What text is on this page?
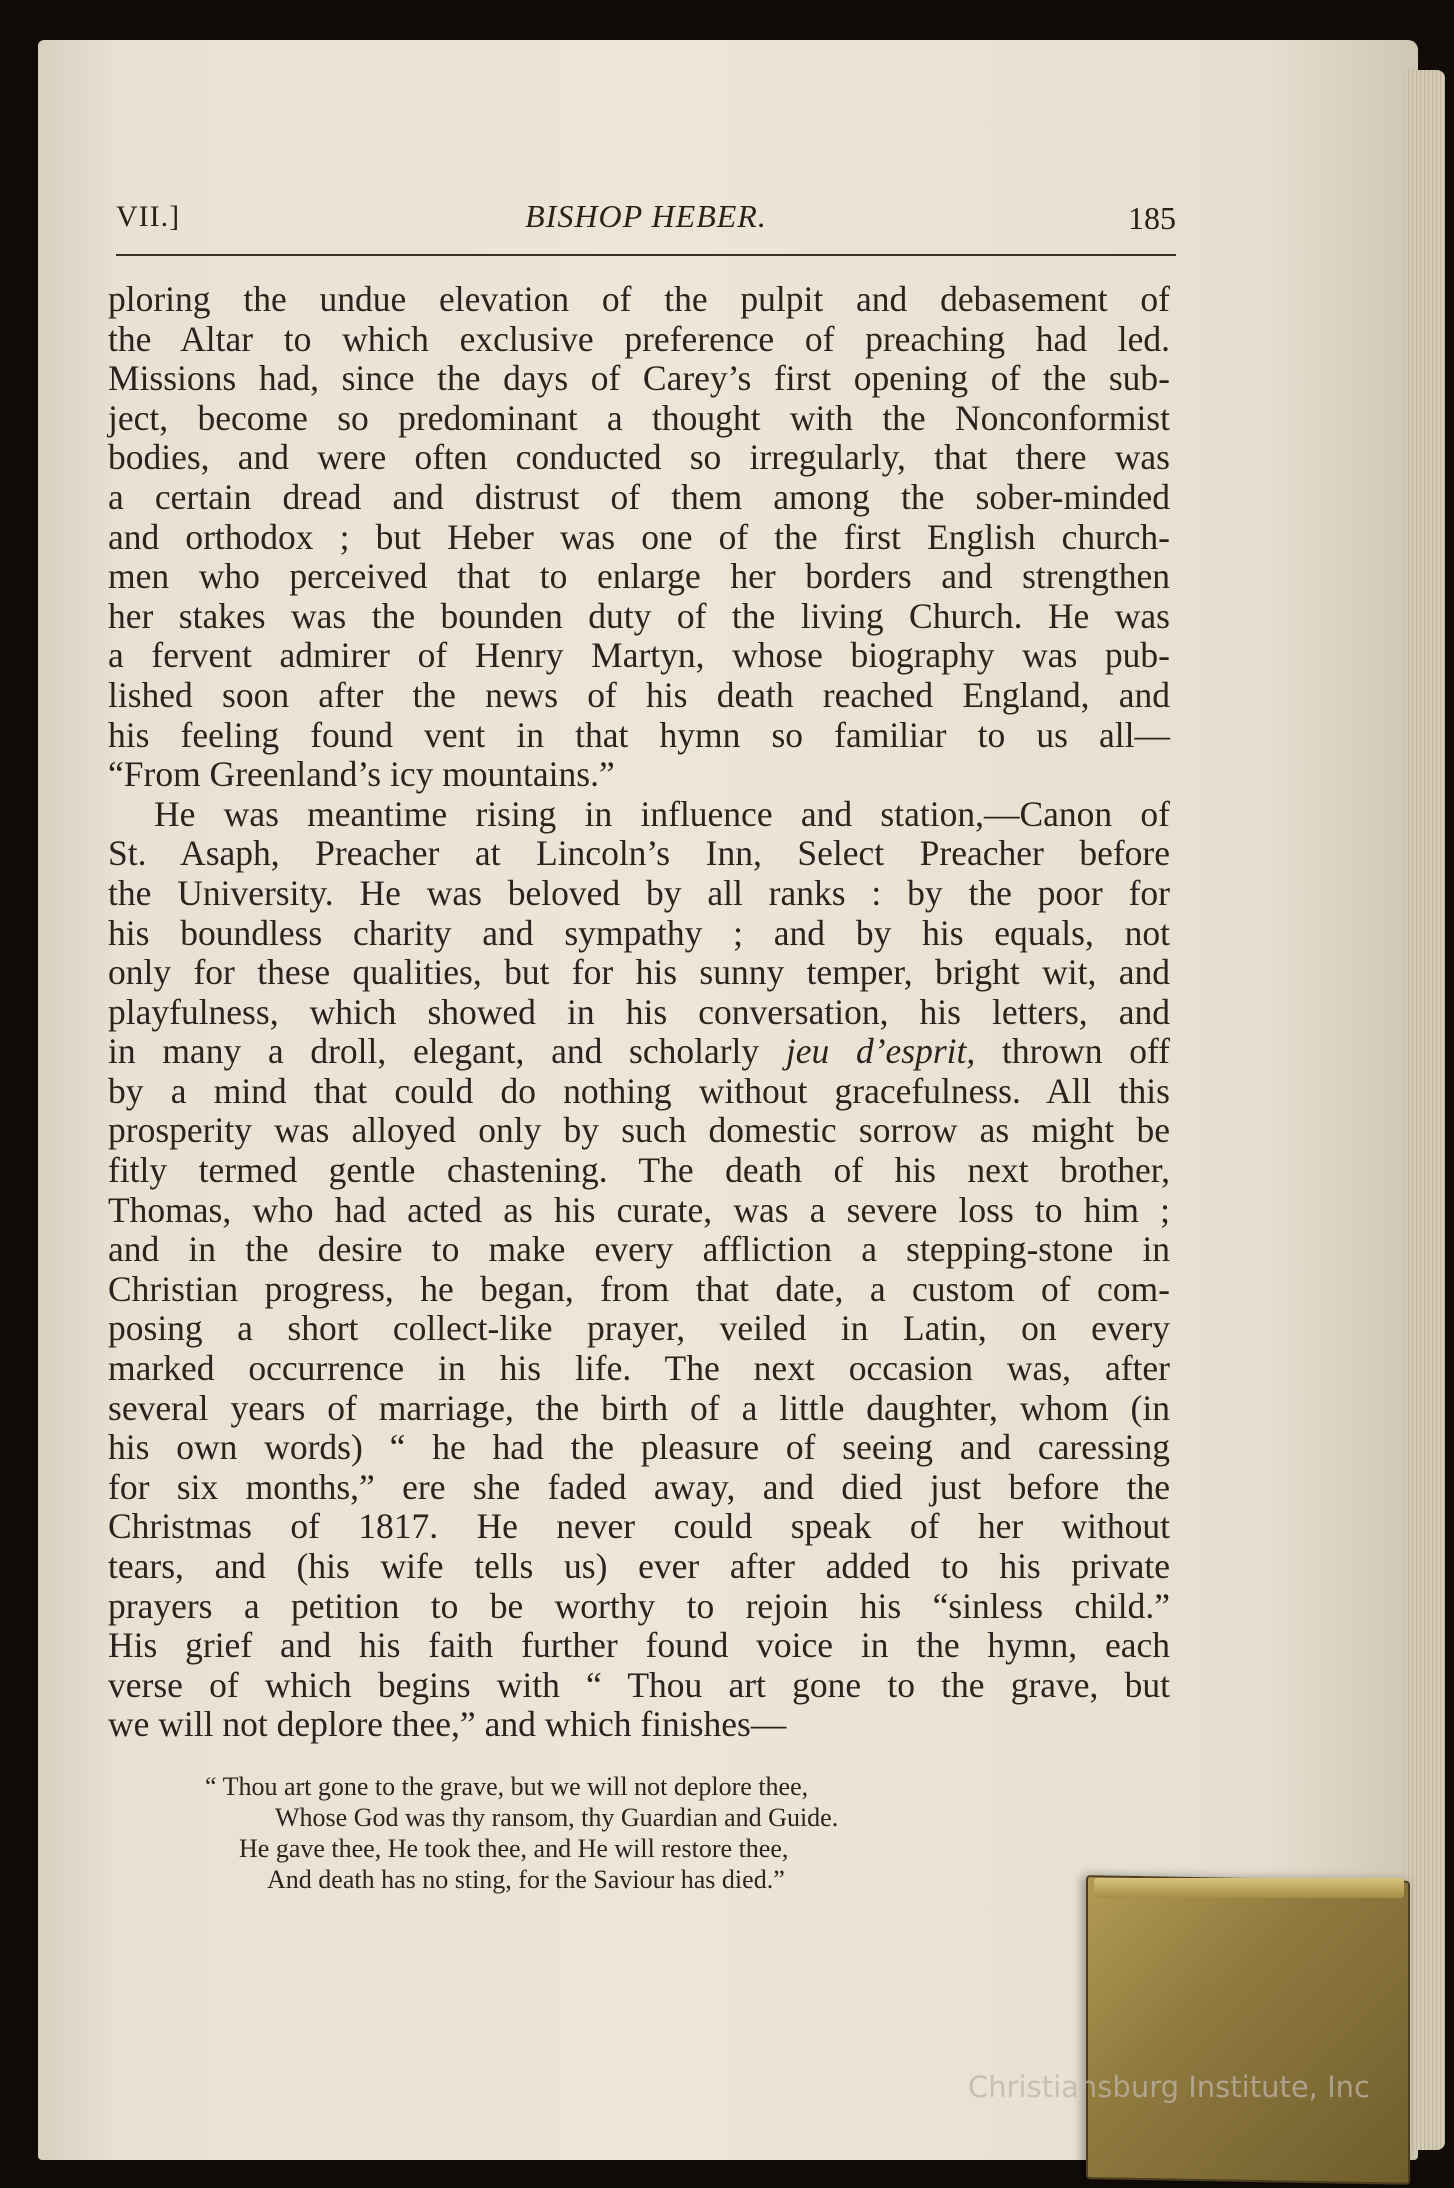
VII.]	BISHOP HEBER.	185
ploring the undue elevation of the pulpit and debasement of
the Altar to which exclusive preference of preaching had led.
Missions had, since the days of Carey’s first opening of the sub-
ject, become so predominant a thought with the Nonconformist
bodies, and were often conducted so irregularly, that there was
a certain dread and distrust of them among the sober-minded
and orthodox ; but Heber was one of the first English church-
men who perceived that to enlarge her borders and strengthen
her stakes was the bounden duty of the living Church. He was
a fervent admirer of Henry Martyn, whose biography was pub-
lished soon after the news of his death reached England, and
his feeling found vent in that hymn so familiar to us all—
“From Greenland’s icy mountains.”
He was meantime rising in influence and station,—Canon of
St. Asaph, Preacher at Lincoln’s Inn, Select Preacher before
the University. He was beloved by all ranks : by the poor for
his boundless charity and sympathy ; and by his equals, not
only for these qualities, but for his sunny temper, bright wit, and
playfulness, which showed in his conversation, his letters, and
in many a droll, elegant, and scholarly jeu d’esprit, thrown off
by a mind that could do nothing without gracefulness. All this
prosperity was alloyed only by such domestic sorrow as might be
fitly termed gentle chastening. The death of his next brother,
Thomas, who had acted as his curate, was a severe loss to him ;
and in the desire to make every affliction a stepping-stone in
Christian progress, he began, from that date, a custom of com-
posing a short collect-like prayer, veiled in Latin, on every
marked occurrence in his life. The next occasion was, after
several years of marriage, the birth of a little daughter, whom (in
his own words) “ he had the pleasure of seeing and caressing
for six months,” ere she faded away, and died just before the
Christmas of 1817. He never could speak of her without
tears, and (his wife tells us) ever after added to his private
prayers a petition to be worthy to rejoin his “sinless child.”
His grief and his faith further found voice in the hymn, each
verse of which begins with “ Thou art gone to the grave, but
we will not deplore thee,” and which finishes—
“ Thou art gone to the grave, but we will not deplore thee,
Whose God was thy ransom, thy Guardian and Guide.
He gave thee, He took thee, and He will restore thee,
And death has no sting, for the Saviour has died.”
Christiansburg Institute, Inc
